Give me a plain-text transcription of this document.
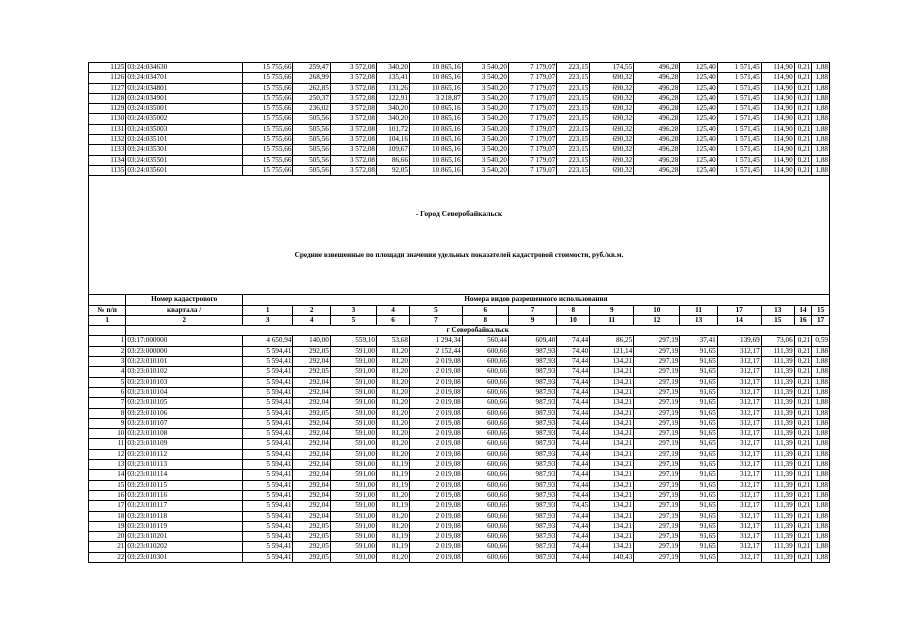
1125	03:24:034630	15 755,66	259,47	3 572,08	340,20	10 865,16	3 540,20	7 179,07	223,15	174,55	496,28	125,40	1 571,45	114,90	0,21	1,88
1126	03:24:034701	15 755,66	268,99	3 572,08	135,41	10 865,16	3 540,20	7 179,07	223,15	690,32	496,28	125,40	1 571,45	114,90	0,21	1,88
1127	03:24:034801	15 755,66	262,85	3 572,08	131,26	10 865,16	3 540,20	7 179,07	223,15	690,32	496,28	125,40	1 571,45	114,90	0,21	1,88
1128	03:24:034901	15 755,66	250,37	3 572,08	122,91	3 218,87	3 540,20	7 179,07	223,15	690,32	496,28	125,40	1 571,45	114,90	0,21	1,88
1129	03:24:035001	15 755,66	236,02	3 572,08	340,20	10 865,16	3 540,20	7 179,07	223,15	690,32	496,28	125,40	1 571,45	114,90	0,21	1,88
1130	03:24:035002	15 755,66	505,56	3 572,08	340,20	10 865,16	3 540,20	7 179,07	223,15	690,32	496,28	125,40	1 571,45	114,90	0,21	1,88
1131	03:24:035003	15 755,66	505,56	3 572,08	101,72	10 865,16	3 540,20	7 179,07	223,15	690,32	496,28	125,40	1 571,45	114,90	0,21	1,88
1132	03:24:035101	15 755,66	505,56	3 572,08	104,16	10 865,16	3 540,20	7 179,07	223,15	690,32	496,28	125,40	1 571,45	114,90	0,21	1,88
1133	03:24:035301	15 755,66	505,56	3 572,08	109,67	10 865,16	3 540,20	7 179,07	223,15	690,32	496,28	125,40	1 571,45	114,90	0,21	1,88
1134	03:24:035501	15 755,66	505,56	3 572,08	86,66	10 865,16	3 540,20	7 179,07	223,15	690,32	496,28	125,40	1 571,45	114,90	0,21	1,88
1135	03:24:035601	15 755,66	505,56	3 572,08	92,05	10 865,16	3 540,20	7 179,07	223,15	690,32	496,28	125,40	1 571,45	114,90	0,21	1,88
- Город Северобайкальск
Средние взвешенные по площади значения удельных показателей кадастровой стоимости, руб./кв.м.
	Номер кадастрового	Номера видов разрешенного использования														
№ п/п	квартала /	1	2	3	4	5	6	7	8	9	10	11	17	13	14	15
1	2	3	4	5	6	7	8	9	10	11	12	13	14	15	16	17
	г Северобайкальск															
1	03:17:000000	4 650,94	140,00	559,10	53,68	1 294,34	560,44	609,40	74,44	86,25	297,19	37,41	139,69	73,06	0,21	0,59
2	03:23:000000	5 594,41	292,05	591,00	81,20	2 152,44	600,66	987,93	74,40	121,14	297,19	91,65	312,17	111,39	0,21	1,88
3	03:23:010101	5 594,41	292,04	591,00	81,20	2 019,08	600,66	987,93	74,44	134,21	297,19	91,65	312,17	111,39	0,21	1,88
4	03:23:010102	5 594,41	292,05	591,00	81,20	2 019,08	600,66	987,93	74,44	134,21	297,19	91,65	312,17	111,39	0,21	1,88
5	03:23:010103	5 594,41	292,04	591,00	81,20	2 019,08	600,66	987,93	74,44	134,21	297,19	91,65	312,17	111,39	0,21	1,88
6	03:23:010104	5 594,41	292,04	591,00	81,20	2 019,08	600,66	987,93	74,44	134,21	297,19	91,65	312,17	111,39	0,21	1,88
7	03:23:010105	5 594,41	292,04	591,00	81,20	2 019,08	600,66	987,93	74,44	134,21	297,19	91,65	312,17	111,39	0,21	1,88
8	03:23:010106	5 594,41	292,05	591,00	81,20	2 019,08	600,66	987,93	74,44	134,21	297,19	91,65	312,17	111,39	0,21	1,88
9	03:23:010107	5 594,41	292,04	591,00	81,20	2 019,08	600,66	987,93	74,44	134,21	297,19	91,65	312,17	111,39	0,21	1,88
10	03:23:010108	5 594,41	292,04	591,00	81,20	2 019,08	600,66	987,93	74,44	134,21	297,19	91,65	312,17	111,39	0,21	1,88
11	03:23:010109	5 594,41	292,04	591,00	81,20	2 019,08	600,66	987,93	74,44	134,21	297,19	91,65	312,17	111,39	0,21	1,88
12	03:23:010112	5 594,41	292,04	591,00	81,20	2 019,08	600,66	987,93	74,44	134,21	297,19	91,65	312,17	111,39	0,21	1,88
13	03:23:010113	5 594,41	292,04	591,00	81,19	2 019,08	600,66	987,93	74,44	134,21	297,19	91,65	312,17	111,39	0,21	1,88
14	03:23:010114	5 594,41	292,04	591,00	81,19	2 019,08	600,66	987,93	74,44	134,21	297,19	91,65	312,17	111,39	0,21	1,88
15	03:23:010115	5 594,41	292,04	591,00	81,19	2 019,08	600,66	987,93	74,44	134,21	297,19	91,65	312,17	111,39	0,21	1,88
16	03:23:010116	5 594,41	292,04	591,00	81,20	2 019,08	600,66	987,93	74,44	134,21	297,19	91,65	312,17	111,39	0,21	1,88
17	03:23:010117	5 594,41	292,04	591,00	81,19	2 019,08	600,66	987,93	74,45	134,21	297,19	91,65	312,17	111,39	0,21	1,88
18	03:23:010118	5 594,41	292,04	591,00	81,20	2 019,08	600,66	987,93	74,44	134,21	297,19	91,65	312,17	111,39	0,21	1,88
19	03:23:010119	5 594,41	292,05	591,00	81,20	2 019,08	600,66	987,93	74,44	134,21	297,19	91,65	312,17	111,39	0,21	1,88
20	03:23:010201	5 594,41	292,05	591,00	81,19	2 019,08	600,66	987,93	74,44	134,21	297,19	91,65	312,17	111,39	0,21	1,88
21	03:23:010202	5 594,41	292,05	591,00	81,19	2 019,08	600,66	987,93	74,44	134,21	297,19	91,65	312,17	111,39	0,21	1,88
22	03:23:010301	5 594,41	292,05	591,00	81,20	2 019,08	600,66	987,93	74,44	140,43	297,19	91,65	312,17	111,39	0,21	1,88
